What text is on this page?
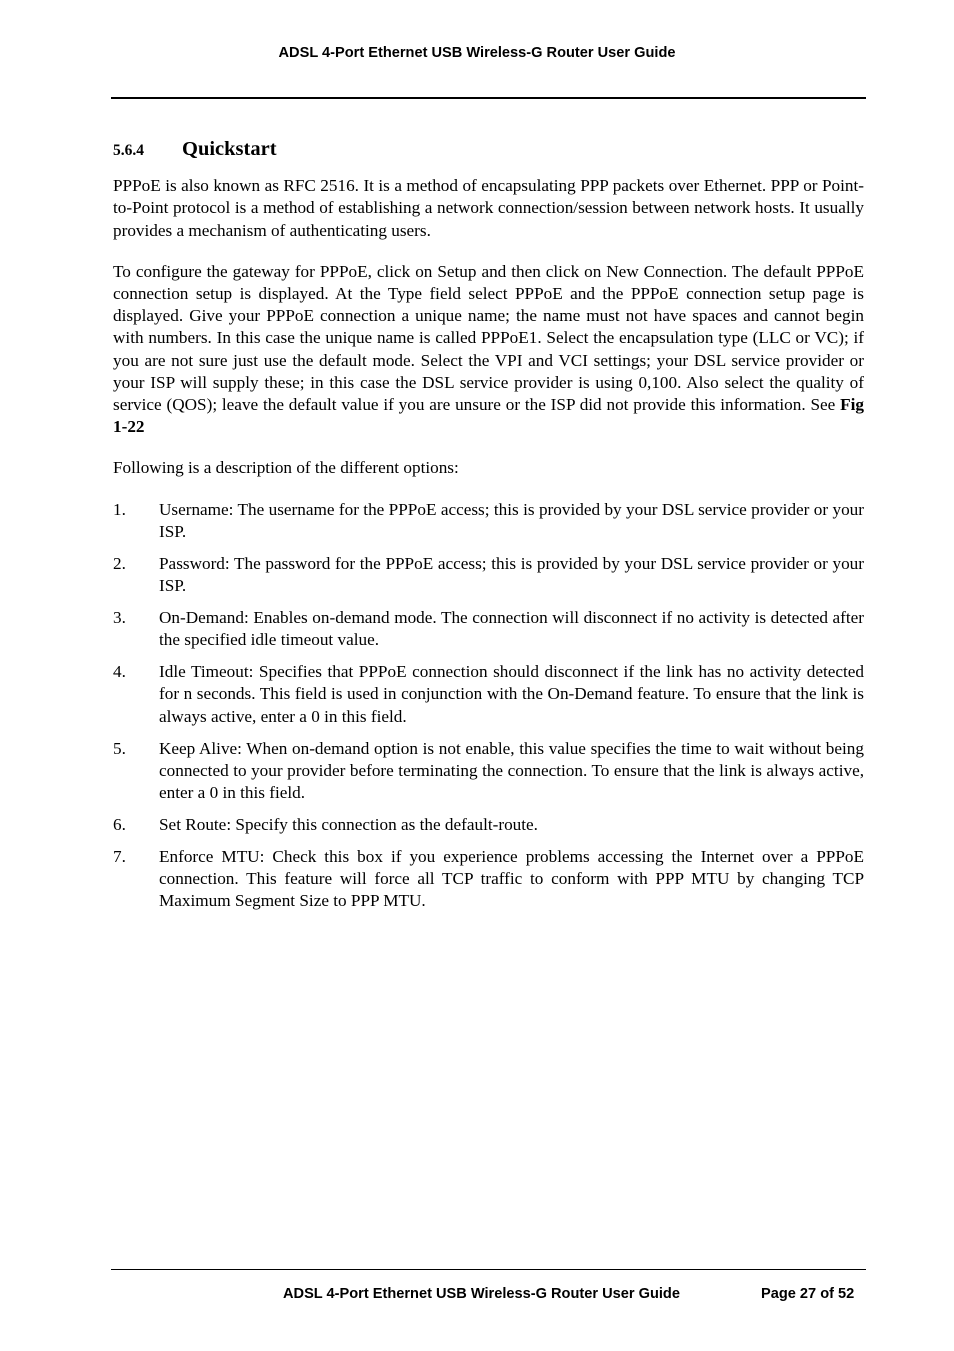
ADSL 4-Port Ethernet USB Wireless-G Router User Guide
5.6.4	Quickstart

PPPoE is also known as RFC 2516. It is a method of encapsulating PPP packets over Ethernet. PPP or Point-to-Point protocol is a method of establishing a network connection/session between network hosts. It usually provides a mechanism of authenticating users.

To configure the gateway for PPPoE, click on Setup and then click on New Connection. The default PPPoE connection setup is displayed. At the Type field select PPPoE and the PPPoE connection setup page is displayed. Give your PPPoE connection a unique name; the name must not have spaces and cannot begin with numbers. In this case the unique name is called PPPoE1. Select the encapsulation type (LLC or VC); if you are not sure just use the default mode. Select the VPI and VCI settings; your DSL service provider or your ISP will supply these; in this case the DSL service provider is using 0,100. Also select the quality of service (QOS); leave the default value if you are unsure or the ISP did not provide this information. See Fig 1-22

Following is a description of the different options:

1.	Username: The username for the PPPoE access; this is provided by your DSL service provider or your ISP.
2.	Password: The password for the PPPoE access; this is provided by your DSL service provider or your ISP.
3.	On-Demand: Enables on-demand mode. The connection will disconnect if no activity is detected after the specified idle timeout value.
4.	Idle Timeout: Specifies that PPPoE connection should disconnect if the link has no activity detected for n seconds. This field is used in conjunction with the On-Demand feature. To ensure that the link is always active, enter a 0 in this field.
5.	Keep Alive: When on-demand option is not enable, this value specifies the time to wait without being connected to your provider before terminating the connection. To ensure that the link is always active, enter a 0 in this field.
6.	Set Route: Specify this connection as the default-route.
7.	Enforce MTU: Check this box if you experience problems accessing the Internet over a PPPoE connection. This feature will force all TCP traffic to conform with PPP MTU by changing TCP Maximum Segment Size to PPP MTU.
ADSL 4-Port Ethernet USB Wireless-G Router User Guide	Page 27 of 52
